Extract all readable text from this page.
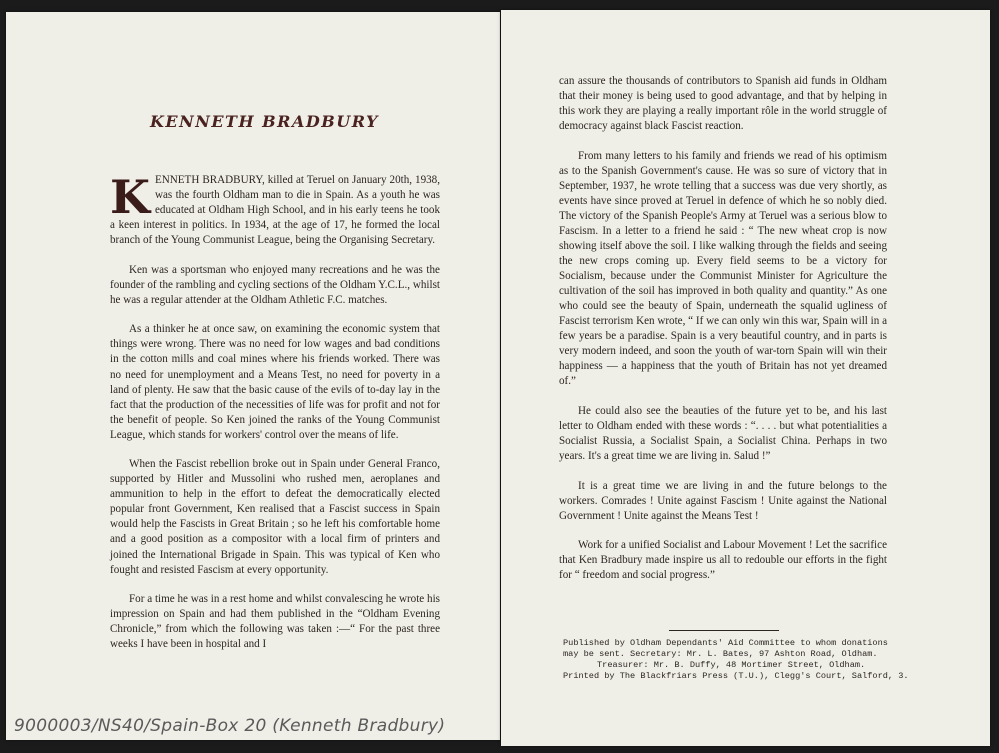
KENNETH BRADBURY

KENNETH BRADBURY, killed at Teruel on January 20th, 1938, was the fourth Oldham man to die in Spain. As a youth he was educated at Oldham High School, and in his early teens he took a keen interest in politics. In 1934, at the age of 17, he formed the local branch of the Young Communist League, being the Organising Secretary.

Ken was a sportsman who enjoyed many recreations and he was the founder of the rambling and cycling sections of the Oldham Y.C.L., whilst he was a regular attender at the Oldham Athletic F.C. matches.

As a thinker he at once saw, on examining the economic system that things were wrong. There was no need for low wages and bad conditions in the cotton mills and coal mines where his friends worked. There was no need for unemployment and a Means Test, no need for poverty in a land of plenty. He saw that the basic cause of the evils of to-day lay in the fact that the production of the necessities of life was for profit and not for the benefit of people. So Ken joined the ranks of the Young Communist League, which stands for workers' control over the means of life.

When the Fascist rebellion broke out in Spain under General Franco, supported by Hitler and Mussolini who rushed men, aeroplanes and ammunition to help in the effort to defeat the democratically elected popular front Government, Ken realised that a Fascist success in Spain would help the Fascists in Great Britain ; so he left his comfortable home and a good position as a compositor with a local firm of printers and joined the International Brigade in Spain. This was typical of Ken who fought and resisted Fascism at every opportunity.

For a time he was in a rest home and whilst convalescing he wrote his impression on Spain and had them published in the “Oldham Evening Chronicle,” from which the following was taken :—“ For the past three weeks I have been in hospital and I

can assure the thousands of contributors to Spanish aid funds in Oldham that their money is being used to good advantage, and that by helping in this work they are playing a really important rôle in the world struggle of democracy against black Fascist reaction.

From many letters to his family and friends we read of his optimism as to the Spanish Government's cause. He was so sure of victory that in September, 1937, he wrote telling that a success was due very shortly, as events have since proved at Teruel in defence of which he so nobly died. The victory of the Spanish People's Army at Teruel was a serious blow to Fascism. In a letter to a friend he said : “ The new wheat crop is now showing itself above the soil. I like walking through the fields and seeing the new crops coming up. Every field seems to be a victory for Socialism, because under the Communist Minister for Agriculture the cultivation of the soil has improved in both quality and quantity.” As one who could see the beauty of Spain, underneath the squalid ugliness of Fascist terrorism Ken wrote, “ If we can only win this war, Spain will in a few years be a paradise. Spain is a very beautiful country, and in parts is very modern indeed, and soon the youth of war-torn Spain will win their happiness — a happiness that the youth of Britain has not yet dreamed of.”

He could also see the beauties of the future yet to be, and his last letter to Oldham ended with these words : “. . . . but what potentialities a Socialist Russia, a Socialist Spain, a Socialist China. Perhaps in two years. It's a great time we are living in. Salud !”

It is a great time we are living in and the future belongs to the workers. Comrades ! Unite against Fascism ! Unite against the National Government ! Unite against the Means Test !

Work for a unified Socialist and Labour Movement ! Let the sacrifice that Ken Bradbury made inspire us all to redouble our efforts in the fight for “ freedom and social progress.”

Published by Oldham Dependants' Aid Committee to whom donations
may be sent. Secretary: Mr. L. Bates, 97 Ashton Road, Oldham.
Treasurer: Mr. B. Duffy, 48 Mortimer Street, Oldham.
Printed by The Blackfriars Press (T.U.), Clegg's Court, Salford, 3.
9000003/NS40/Spain-Box 20 (Kenneth Bradbury)
